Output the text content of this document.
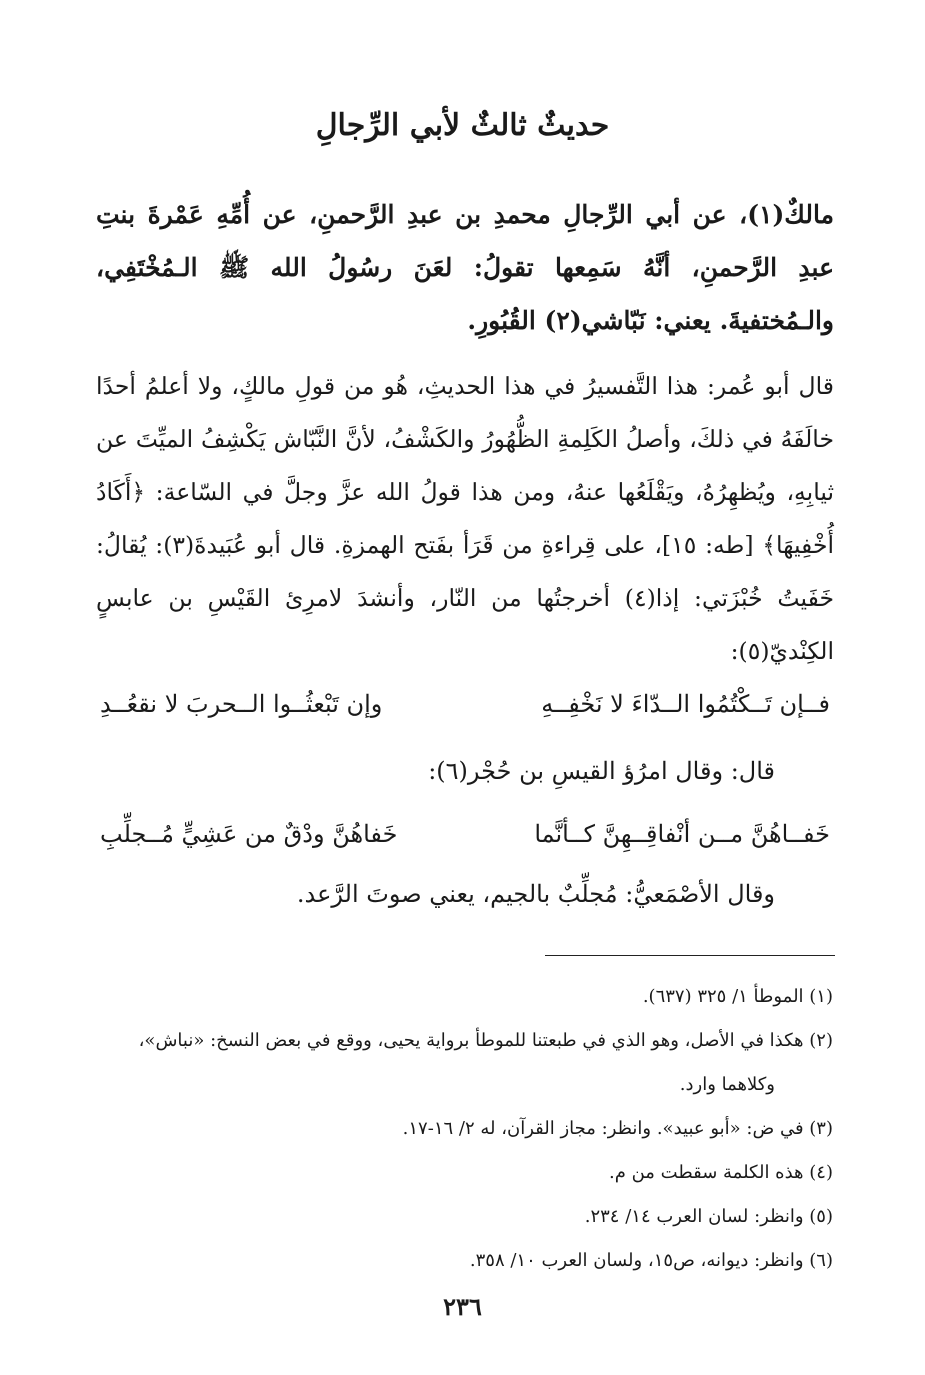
حديثٌ ثالثٌ لأبي الرِّجالِ

مالكٌ(١)، عن أبي الرِّجالِ محمدِ بن عبدِ الرَّحمنِ، عن أُمِّهِ عَمْرةَ بنتِ عبدِ الرَّحمنِ، أنَّهُ سَمِعها تقولُ: لعَنَ رسُولُ الله ﷺ الـمُخْتَفِي، والـمُختفيةَ. يعني: نَبّاشي(٢) القُبُورِ.

قال أبو عُمر: هذا التَّفسيرُ في هذا الحديثِ، هُو من قولِ مالكٍ، ولا أعلمُ أحدًا خالَفَهُ في ذلكَ، وأصلُ الكَلِمةِ الظُّهُورُ والكَشْفُ، لأنَّ النَّبّاش يَكْشِفُ الميِّتَ عن ثيابِهِ، ويُظهِرُهُ، ويَقْلَعُها عنهُ، ومن هذا قولُ الله عزَّ وجلَّ في السّاعة: ﴿أَكَادُ أُخْفِيهَا﴾ [طه: ١٥]، على قِراءةِ من قَرَأ بفَتح الهمزةِ. قال أبو عُبَيدةَ(٣): يُقالُ: خَفَيتُ خُبْزَتي: إذا(٤) أخرجتُها من النّار، وأنشدَ لامرِئ القَيْسِ بن عابسٍ الكِنْديّ(٥):

فــإن تَــكْتُمُوا الــدّاءَ لا نَخْفِــهِ
وإن تَبْعثُــوا الــحربَ لا نقعُــدِ

قال: وقال امرُؤ القيسِ بن حُجْر(٦):

خَفــاهُنَّ مــن أنْفاقِــهِنَّ كــأنَّما
خَفاهُنَّ ودْقٌ من عَشِيٍّ مُــجلِّبِ

وقال الأصْمَعيُّ: مُجلِّبٌ بالجيم، يعني صوتَ الرَّعد.

(١) الموطأ ١/ ٣٢٥ (٦٣٧).
(٢) هكذا في الأصل، وهو الذي في طبعتنا للموطأ برواية يحيى، ووقع في بعض النسخ: «نباش»،
وكلاهما وارد.
(٣) في ض: «أبو عبيد». وانظر: مجاز القرآن، له ٢/ ١٦-١٧.
(٤) هذه الكلمة سقطت من م.
(٥) وانظر: لسان العرب ١٤/ ٢٣٤.
(٦) وانظر: ديوانه، ص١٥، ولسان العرب ١٠/ ٣٥٨.

٢٣٦
